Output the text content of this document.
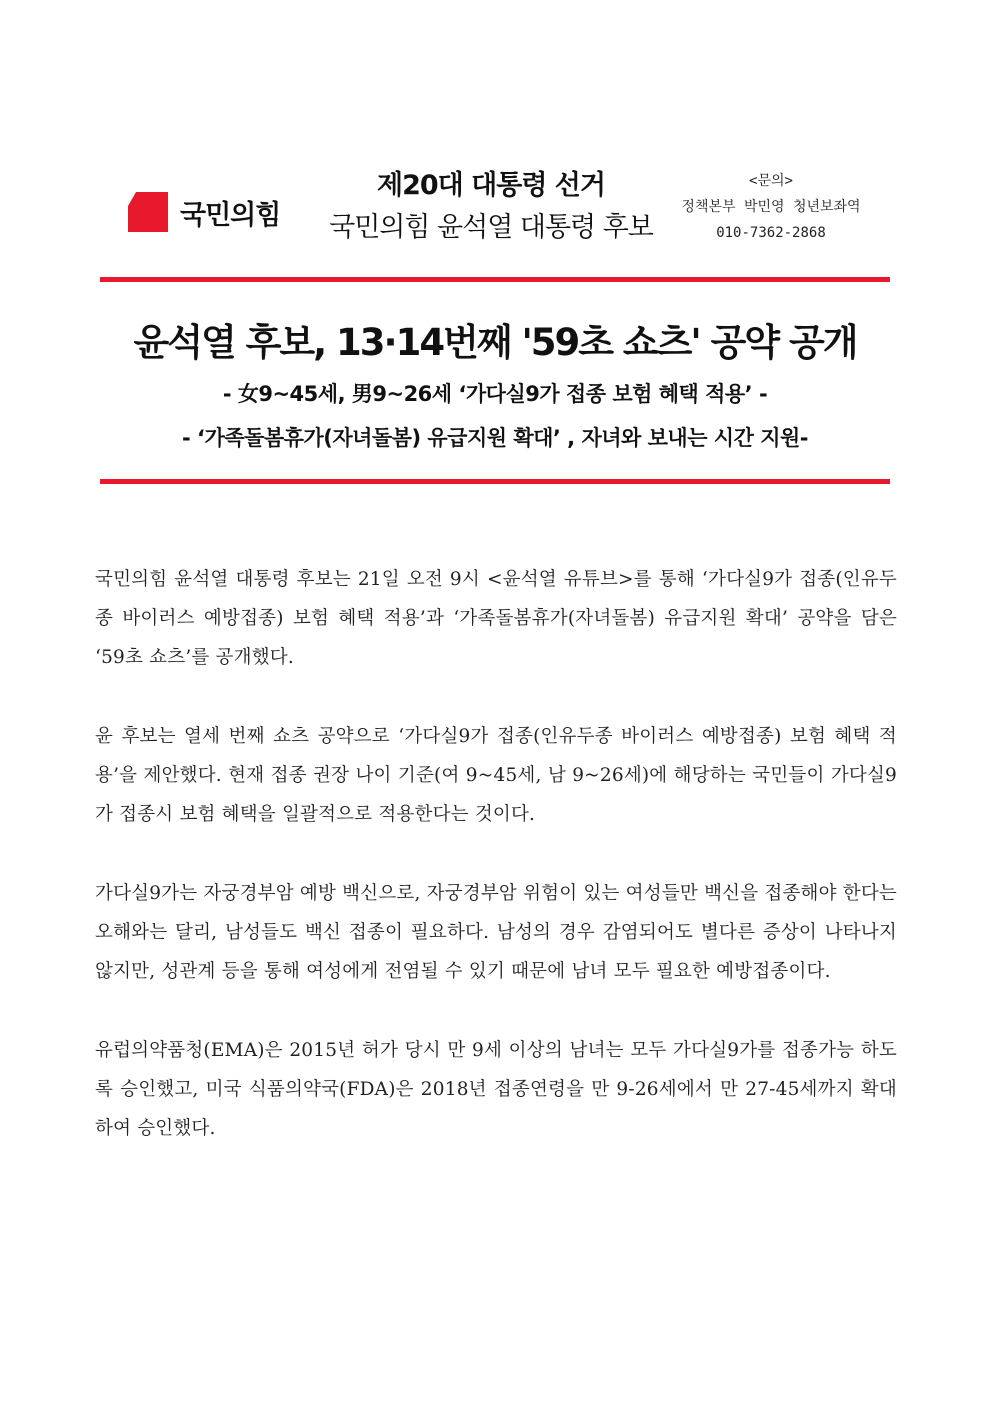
국민의힘
제20대 대통령 선거
국민의힘 윤석열 대통령 후보
<문의>
정책본부 박민영 청년보좌역
010-7362-2868
윤석열 후보, 13·14번째 '59초 쇼츠' 공약 공개
- 女9~45세, 男9~26세 ‘가다실9가 접종 보험 혜택 적용’ -
- ‘가족돌봄휴가(자녀돌봄) 유급지원 확대’ , 자녀와 보내는 시간 지원-

국민의힘 윤석열 대통령 후보는 21일 오전 9시 <윤석열 유튜브>를 통해 ‘가다실9가 접종(인유두종 바이러스 예방접종) 보험 혜택 적용’과 ‘가족돌봄휴가(자녀돌봄) 유급지원 확대’ 공약을 담은 ‘59초 쇼츠’를 공개했다.

윤 후보는 열세 번째 쇼츠 공약으로 ‘가다실9가 접종(인유두종 바이러스 예방접종) 보험 혜택 적용’을 제안했다. 현재 접종 권장 나이 기준(여 9~45세, 남 9~26세)에 해당하는 국민들이 가다실9가 접종시 보험 혜택을 일괄적으로 적용한다는 것이다.

가다실9가는 자궁경부암 예방 백신으로, 자궁경부암 위험이 있는 여성들만 백신을 접종해야 한다는 오해와는 달리, 남성들도 백신 접종이 필요하다. 남성의 경우 감염되어도 별다른 증상이 나타나지 않지만, 성관계 등을 통해 여성에게 전염될 수 있기 때문에 남녀 모두 필요한 예방접종이다.

유럽의약품청(EMA)은 2015년 허가 당시 만 9세 이상의 남녀는 모두 가다실9가를 접종가능 하도록 승인했고, 미국 식품의약국(FDA)은 2018년 접종연령을 만 9-26세에서 만 27-45세까지 확대하여 승인했다.
